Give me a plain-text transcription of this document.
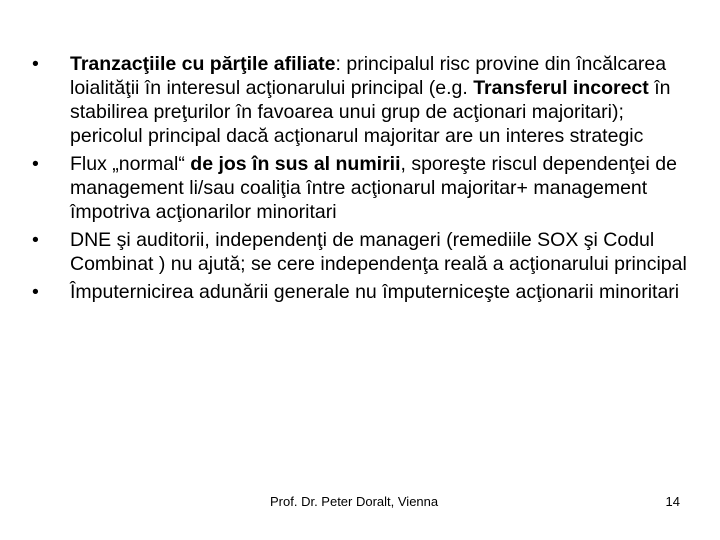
•	Tranzacţiile cu părţile afiliate: principalul risc provine din încălcarea loialităţii în interesul acţionarului principal (e.g. Transferul incorect în stabilirea preţurilor în favoarea unui grup de acţionari majoritari); pericolul principal dacă acţionarul majoritar are un interes strategic
•	Flux „normal“ de jos în sus al numirii, sporeşte riscul dependenţei de management li/sau coaliţia între acţionarul majoritar+ management împotriva acţionarilor minoritari
•	DNE şi auditorii, independenţi de manageri (remediile SOX şi Codul Combinat ) nu ajută; se cere independenţa reală a acţionarului principal
•	Împuternicirea adunării generale nu împuterniceşte acţionarii minoritari
Prof. Dr. Peter Doralt, Vienna	14
